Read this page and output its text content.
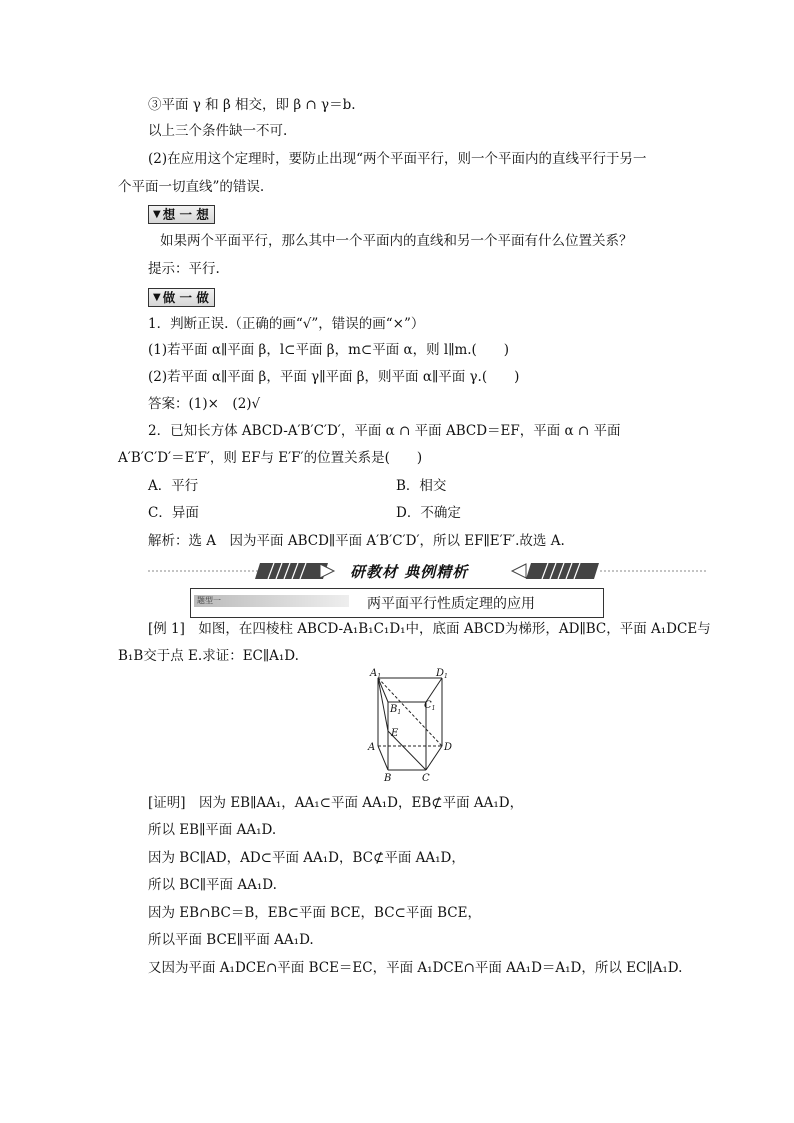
③平面 γ 和 β 相交，即 β ∩ γ＝b.
以上三个条件缺一不可.
(2)在应用这个定理时，要防止出现“两个平面平行，则一个平面内的直线平行于另一
个平面一切直线”的错误.
▼ 想 一 想
如果两个平面平行，那么其中一个平面内的直线和另一个平面有什么位置关系？
提示：平行.
▼ 做 一 做
1．判断正误.（正确的画“√”，错误的画“×”）
(1)若平面 α∥平面 β，l⊂平面 β，m⊂平面 α，则 l∥m.(　　)
(2)若平面 α∥平面 β，平面 γ∥平面 β，则平面 α∥平面 γ.(　　)
答案：(1)×　(2)√
2．已知长方体 ABCD-A′B′C′D′，平面 α ∩ 平面 ABCD＝EF，平面 α ∩ 平面
A′B′C′D′＝E′F′，则 EF与 E′F′的位置关系是(　　)
A．平行	B．相交
C．异面	D．不确定
解析：选 A　因为平面 ABCD∥平面 A′B′C′D′，所以 EF∥E′F′.故选 A.
研教材 典例精析
题型一	两平面平行性质定理的应用
[例 1]　如图，在四棱柱 ABCD-A₁B₁C₁D₁中，底面 ABCD为梯形，AD∥BC，平面 A₁DCE与
B₁B交于点 E.求证：EC∥A₁D.
$A_1$	$D_1$
$B_1$
$C_1$
E
A	D
B	C
[证明]　因为 EB∥AA₁，AA₁⊂平面 AA₁D，EB⊄平面 AA₁D，
所以 EB∥平面 AA₁D.
因为 BC∥AD，AD⊂平面 AA₁D，BC⊄平面 AA₁D，
所以 BC∥平面 AA₁D.
因为 EB∩BC＝B，EB⊂平面 BCE，BC⊂平面 BCE，
所以平面 BCE∥平面 AA₁D.
又因为平面 A₁DCE∩平面 BCE＝EC，平面 A₁DCE∩平面 AA₁D＝A₁D，所以 EC∥A₁D.
